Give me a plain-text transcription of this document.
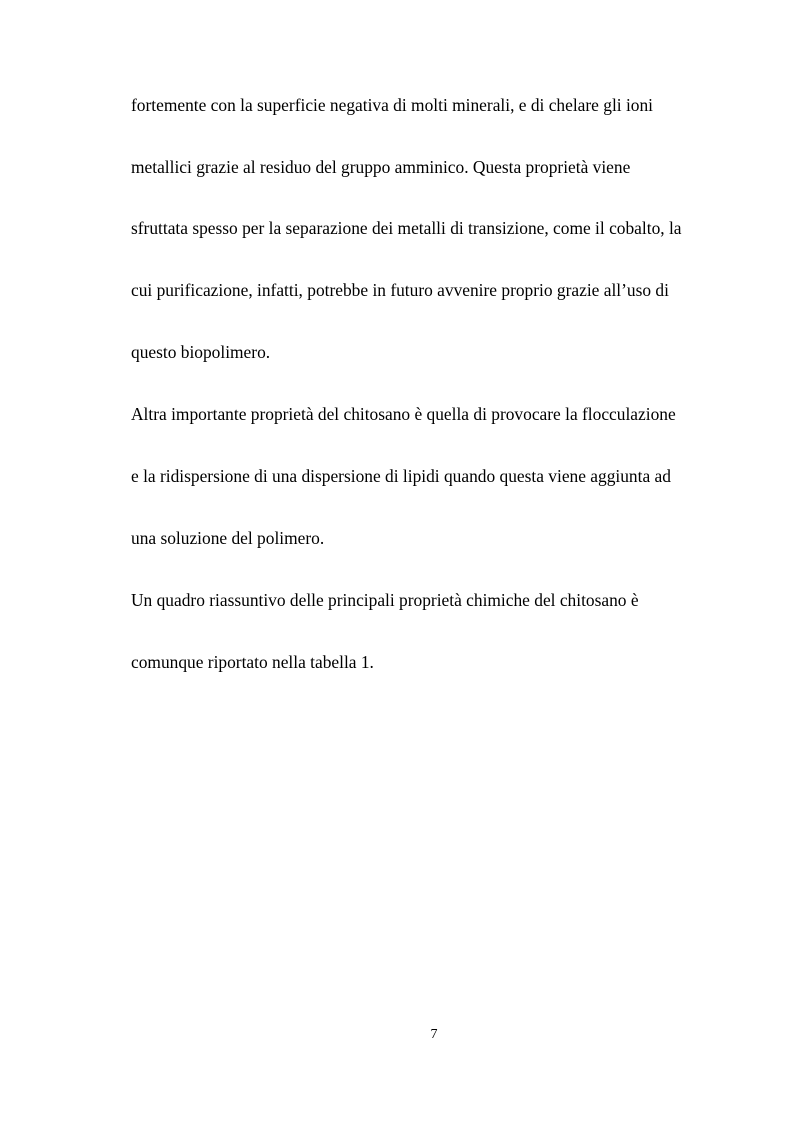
fortemente con la superficie negativa di molti minerali, e di chelare gli ioni
metallici grazie al residuo del gruppo amminico. Questa proprietà viene
sfruttata spesso per la separazione dei metalli di transizione, come il cobalto, la
cui purificazione, infatti, potrebbe in futuro avvenire proprio grazie all’uso di
questo biopolimero.
Altra importante proprietà del chitosano è quella di provocare la flocculazione
e la ridispersione di una dispersione di lipidi quando questa viene aggiunta ad
una soluzione del polimero.
Un quadro riassuntivo delle principali proprietà chimiche del chitosano è
comunque riportato nella tabella 1.
7
